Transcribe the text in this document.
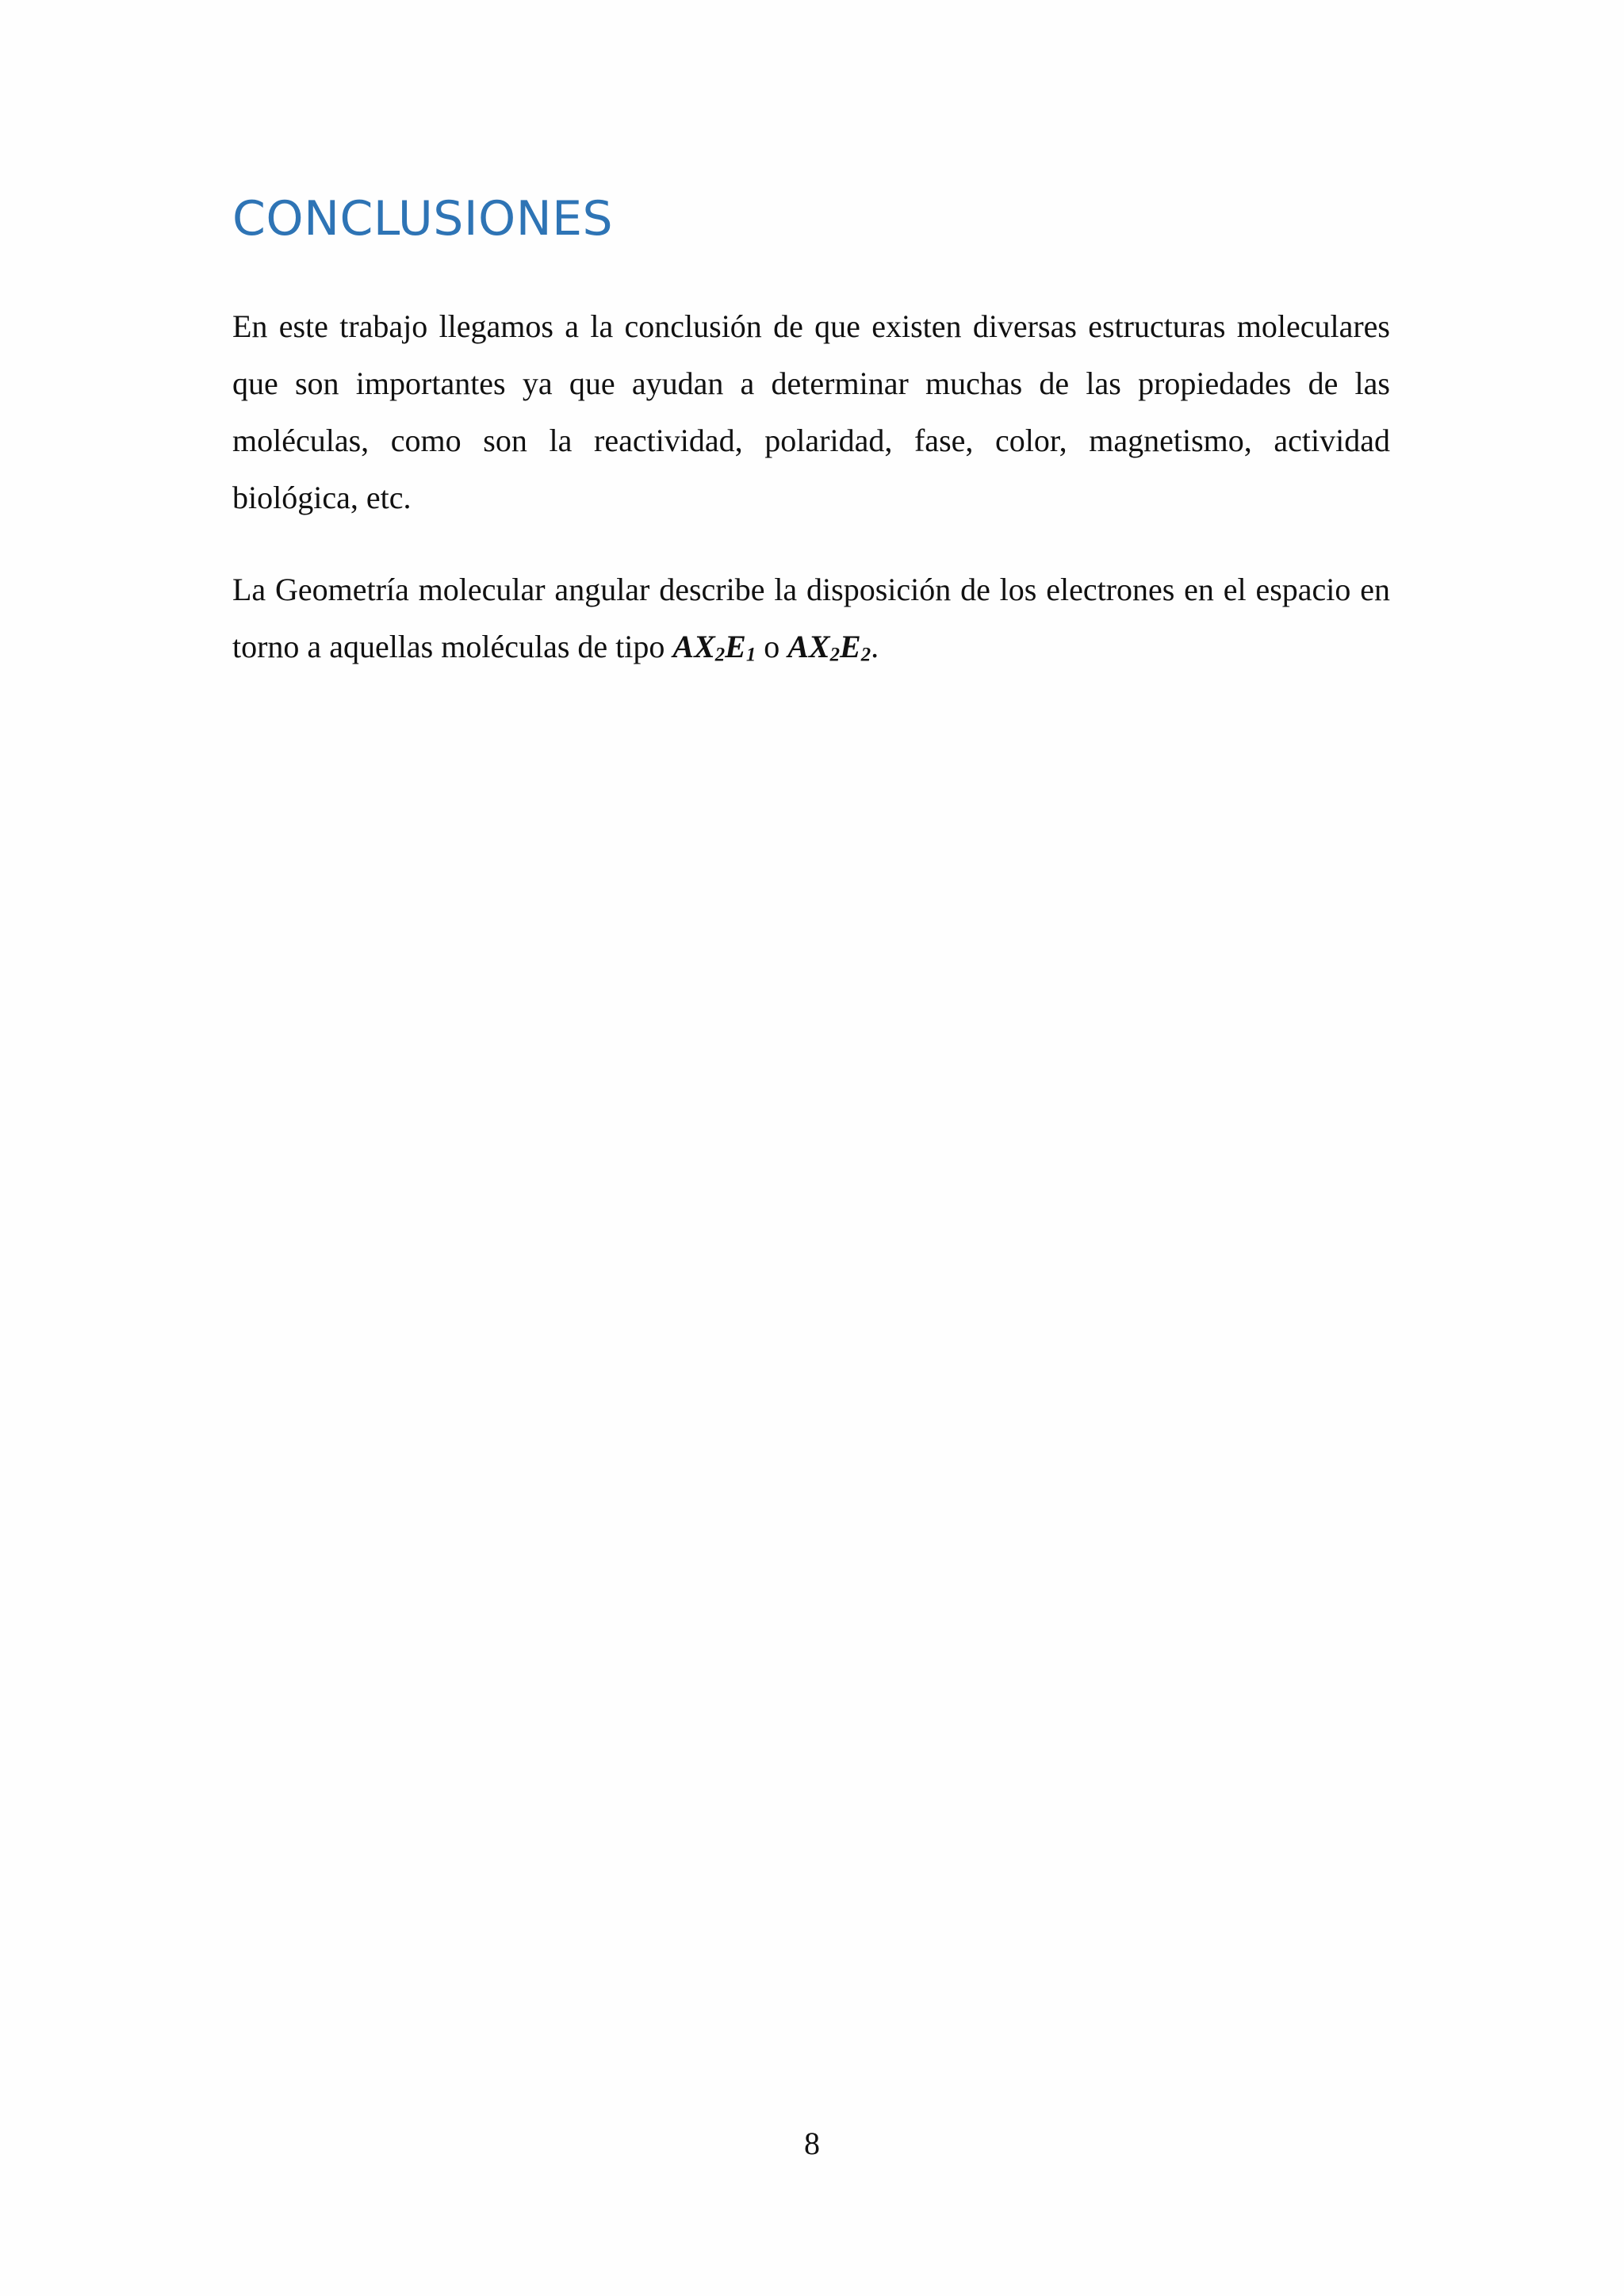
CONCLUSIONES

En este trabajo llegamos a la conclusión de que existen diversas estructuras moleculares que son importantes ya que ayudan a determinar muchas de las propiedades de las moléculas, como son la reactividad, polaridad, fase, color, magnetismo, actividad biológica, etc.

La Geometría molecular angular describe la disposición de los electrones en el espacio en torno a aquellas moléculas de tipo $AX_2E_1$ o $AX_2E_2$.

8
